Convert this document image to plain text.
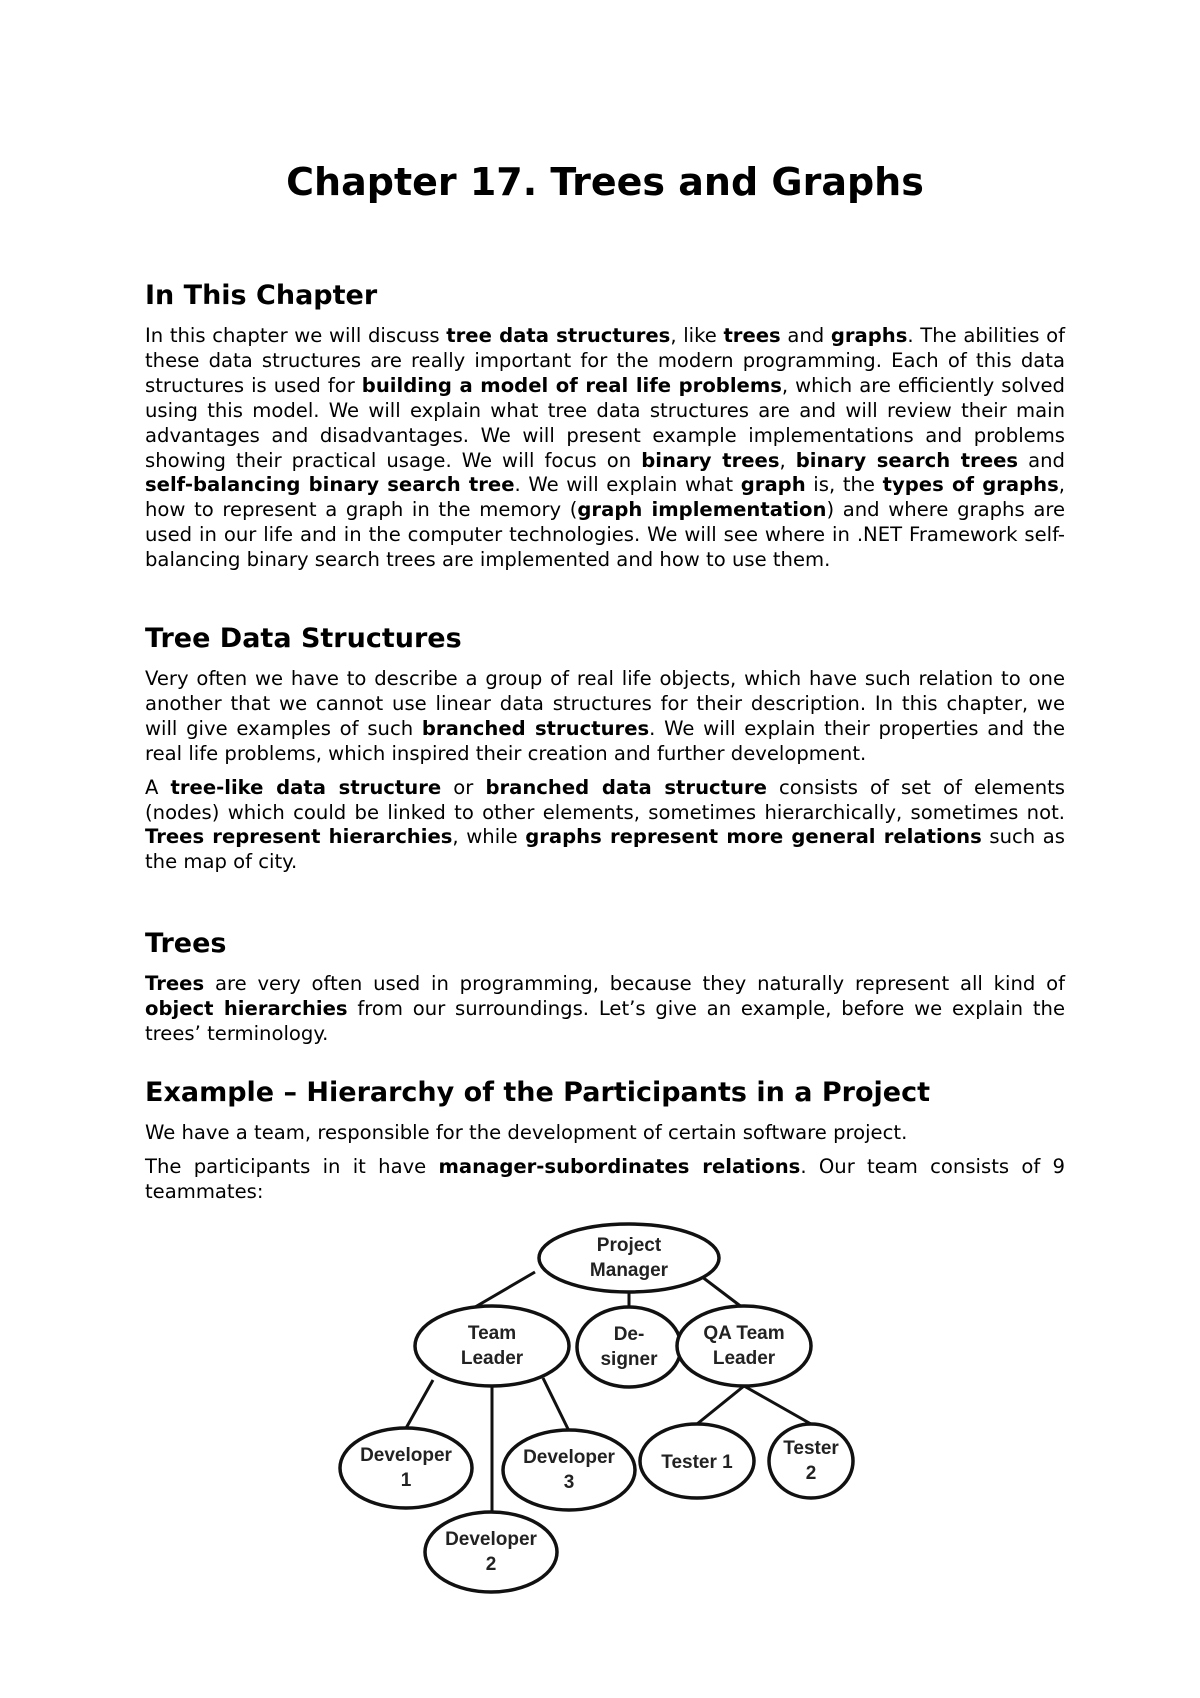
Chapter 17. Trees and Graphs
In This Chapter

In this chapter we will discuss tree data structures, like trees and graphs. The abilities of these data structures are really important for the modern programming. Each of this data structures is used for building a model of real life problems, which are efficiently solved using this model. We will explain what tree data structures are and will review their main advantages and disadvantages. We will present example implementations and problems showing their practical usage. We will focus on binary trees, binary search trees and self-balancing binary search tree. We will explain what graph is, the types of graphs, how to represent a graph in the memory (graph implementation) and where graphs are used in our life and in the computer technologies. We will see where in .NET Framework self-balancing binary search trees are implemented and how to use them.

Tree Data Structures

Very often we have to describe a group of real life objects, which have such relation to one another that we cannot use linear data structures for their description. In this chapter, we will give examples of such branched structures. We will explain their properties and the real life problems, which inspired their creation and further development.

A tree-like data structure or branched data structure consists of set of elements (nodes) which could be linked to other elements, sometimes hierarchically, sometimes not. Trees represent hierarchies, while graphs represent more general relations such as the map of city.

Trees

Trees are very often used in programming, because they naturally represent all kind of object hierarchies from our surroundings. Let’s give an example, before we explain the trees’ terminology.

Example – Hierarchy of the Participants in a Project

We have a team, responsible for the development of certain software project.

The participants in it have manager-subordinates relations. Our team consists of 9 teammates:

Project
Manager
Team
Leader
De-
signer
QA Team
Leader
Developer
1
Developer
3
Tester 1
Tester
2
Developer
2
